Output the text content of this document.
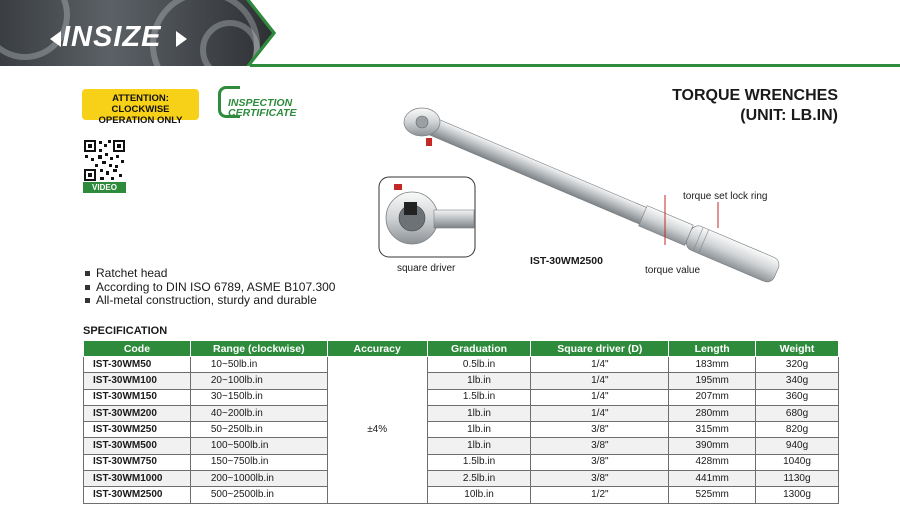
INSIZE
ATTENTION: CLOCKWISE
OPERATION ONLY
INSPECTION
CERTIFICATE
VIDEO
TORQUE WRENCHES
(UNIT: LB.IN)
square driver
torque set lock ring
torque value
IST-30WM2500
Ratchet head
According to DIN ISO 6789, ASME B107.300
All-metal construction, sturdy and durable
SPECIFICATION
Code	Range (clockwise)	Accuracy	Graduation	Square driver (D)	Length	Weight
IST-30WM50	10~50lb.in	±4%	0.5lb.in	1/4"	183mm	320g
IST-30WM100	20~100lb.in		1lb.in	1/4"	195mm	340g
IST-30WM150	30~150lb.in		1.5lb.in	1/4"	207mm	360g
IST-30WM200	40~200lb.in		1lb.in	1/4"	280mm	680g
IST-30WM250	50~250lb.in		1lb.in	3/8"	315mm	820g
IST-30WM500	100~500lb.in		1lb.in	3/8"	390mm	940g
IST-30WM750	150~750lb.in		1.5lb.in	3/8"	428mm	1040g
IST-30WM1000	200~1000lb.in		2.5lb.in	3/8"	441mm	1130g
IST-30WM2500	500~2500lb.in		10lb.in	1/2"	525mm	1300g
